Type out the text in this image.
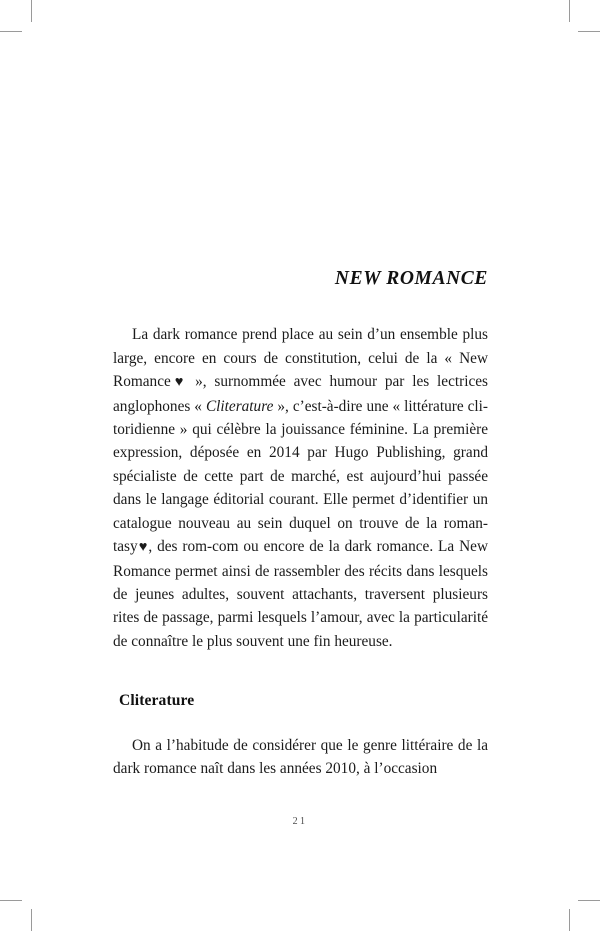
NEW ROMANCE

La dark romance prend place au sein d’un ensemble plus large, encore en cours de constitution, celui de la « New Romance♥ », surnommée avec humour par les lectrices anglophones « Cliterature », c’est-à-dire une « littérature clitoridienne » qui célèbre la jouissance féminine. La première expression, déposée en 2014 par Hugo Publishing, grand spécialiste de cette part de marché, est aujourd’hui passée dans le langage éditorial courant. Elle permet d’identifier un catalogue nouveau au sein duquel on trouve de la romantasy♥, des rom-com ou encore de la dark romance. La New Romance permet ainsi de rassembler des récits dans lesquels de jeunes adultes, souvent attachants, traversent plusieurs rites de passage, parmi lesquels l’amour, avec la particularité de connaître le plus souvent une fin heureuse.

Cliterature

On a l’habitude de considérer que le genre littéraire de la dark romance naît dans les années 2010, à l’occasion

21
